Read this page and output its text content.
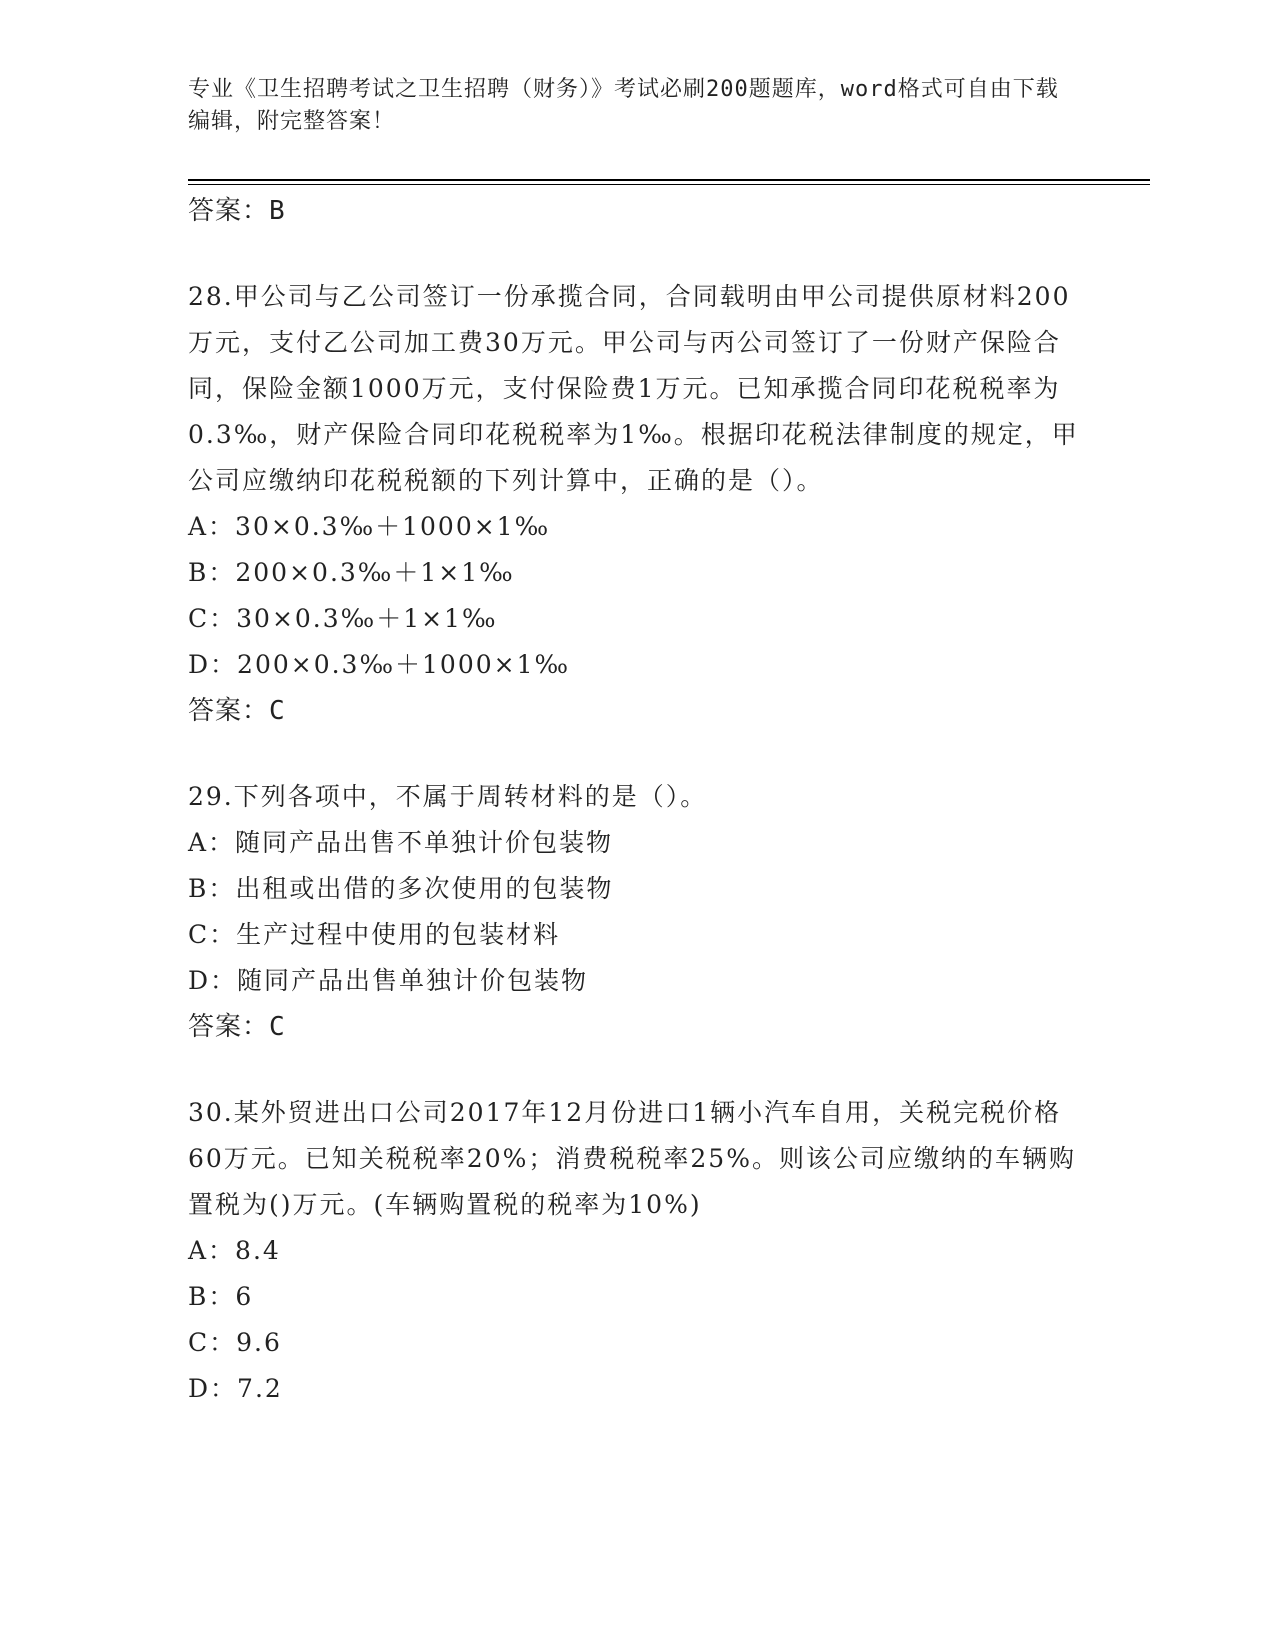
专业《卫生招聘考试之卫生招聘（财务）》考试必刷200题题库，word格式可自由下载编辑，附完整答案！
答案：B
28.甲公司与乙公司签订一份承揽合同，合同载明由甲公司提供原材料200万元，支付乙公司加工费30万元。甲公司与丙公司签订了一份财产保险合同，保险金额1000万元，支付保险费1万元。已知承揽合同印花税税率为0.3‰，财产保险合同印花税税率为1‰。根据印花税法律制度的规定，甲公司应缴纳印花税税额的下列计算中，正确的是（）。
A：30×0.3‰＋1000×1‰
B：200×0.3‰＋1×1‰
C：30×0.3‰＋1×1‰
D：200×0.3‰＋1000×1‰
答案：C
29.下列各项中，不属于周转材料的是（）。
A：随同产品出售不单独计价包装物
B：出租或出借的多次使用的包装物
C：生产过程中使用的包装材料
D：随同产品出售单独计价包装物
答案：C
30.某外贸进出口公司2017年12月份进口1辆小汽车自用，关税完税价格60万元。已知关税税率20%；消费税税率25%。则该公司应缴纳的车辆购置税为()万元。(车辆购置税的税率为10%)
A：8.4
B：6
C：9.6
D：7.2
